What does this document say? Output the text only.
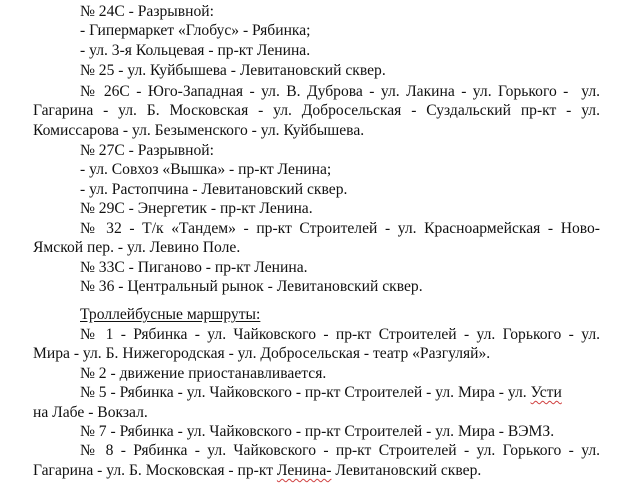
№ 24С - Разрывной:
- Гипермаркет «Глобус» - Рябинка;
- ул. 3-я Кольцевая - пр-кт Ленина.
№ 25 - ул. Куйбышева - Левитановский сквер.
№ 26С - Юго-Западная - ул. В. Дуброва - ул. Лакина - ул. Горького -  ул.
Гагарина - ул. Б. Московская - ул. Добросельская - Суздальский пр-кт - ул.
Комиссарова - ул. Безыменского - ул. Куйбышева.
№ 27С - Разрывной:
- ул. Совхоз «Вышка» - пр-кт Ленина;
- ул. Растопчина - Левитановский сквер.
№ 29С - Энергетик - пр-кт Ленина.
№ 32 - Т/к «Тандем» - пр-кт Строителей - ул. Красноармейская - Ново-
Ямской пер. - ул. Левино Поле.
№ 33С - Пиганово - пр-кт Ленина.
№ 36 - Центральный рынок - Левитановский сквер.
Троллейбусные маршруты:
№ 1 - Рябинка - ул. Чайковского - пр-кт Строителей - ул. Горького - ул.
Мира - ул. Б. Нижегородская - ул. Добросельская - театр «Разгуляй».
№ 2 - движение приостанавливается.
№ 5 - Рябинка - ул. Чайковского - пр-кт Строителей - ул. Мира - ул. Усти
на Лабе - Вокзал.
№ 7 - Рябинка - ул. Чайковского - пр-кт Строителей - ул. Мира - ВЭМЗ.
№ 8 - Рябинка - ул. Чайковского - пр-кт Строителей - ул. Горького - ул.
Гагарина - ул. Б. Московская - пр-кт Ленина- Левитановский сквер.
